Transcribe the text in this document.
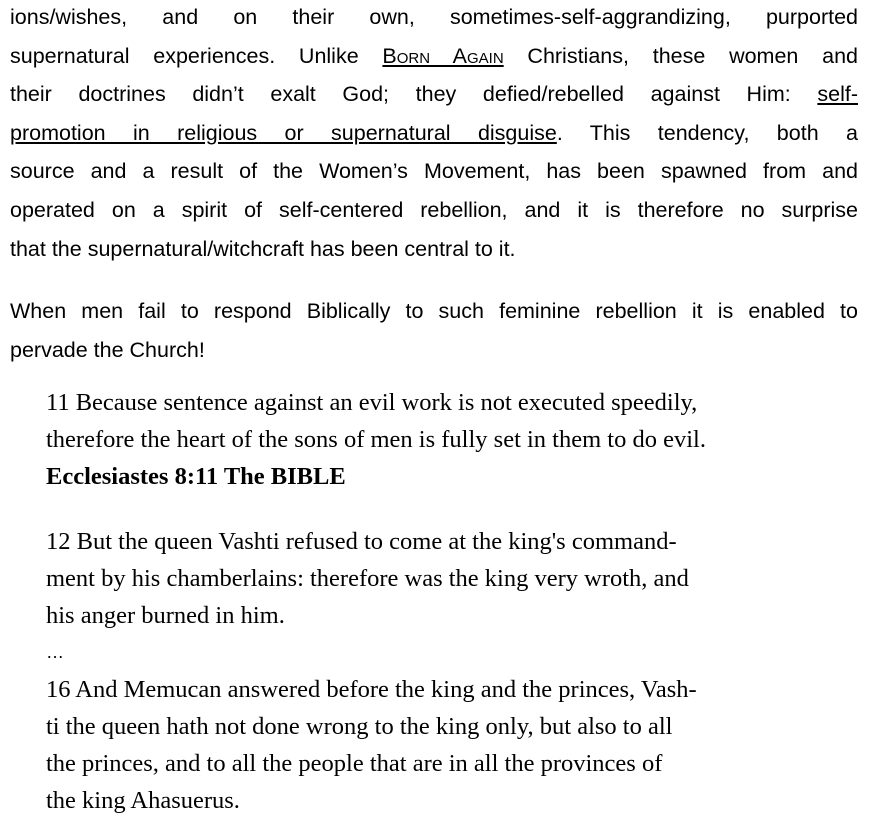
ions/wishes, and on their own, sometimes-self-aggrandizing, purported
supernatural experiences. Unlike Born Again Christians, these women and
their doctrines didn’t exalt God; they defied/rebelled against Him: self-
promotion in religious or supernatural disguise. This tendency, both a
source and a result of the Women’s Movement, has been spawned from and
operated on a spirit of self-centered rebellion, and it is therefore no surprise
that the supernatural/witchcraft has been central to it.
When men fail to respond Biblically to such feminine rebellion it is enabled to
pervade the Church!
11 Because sentence against an evil work is not executed speedily,
therefore the heart of the sons of men is fully set in them to do evil.
Ecclesiastes 8:11 The BIBLE
12 But the queen Vashti refused to come at the king's command-
ment by his chamberlains: therefore was the king very wroth, and
his anger burned in him.
…
16 And Memucan answered before the king and the princes, Vash-
ti the queen hath not done wrong to the king only, but also to all
the princes, and to all the people that are in all the provinces of
the king Ahasuerus.
